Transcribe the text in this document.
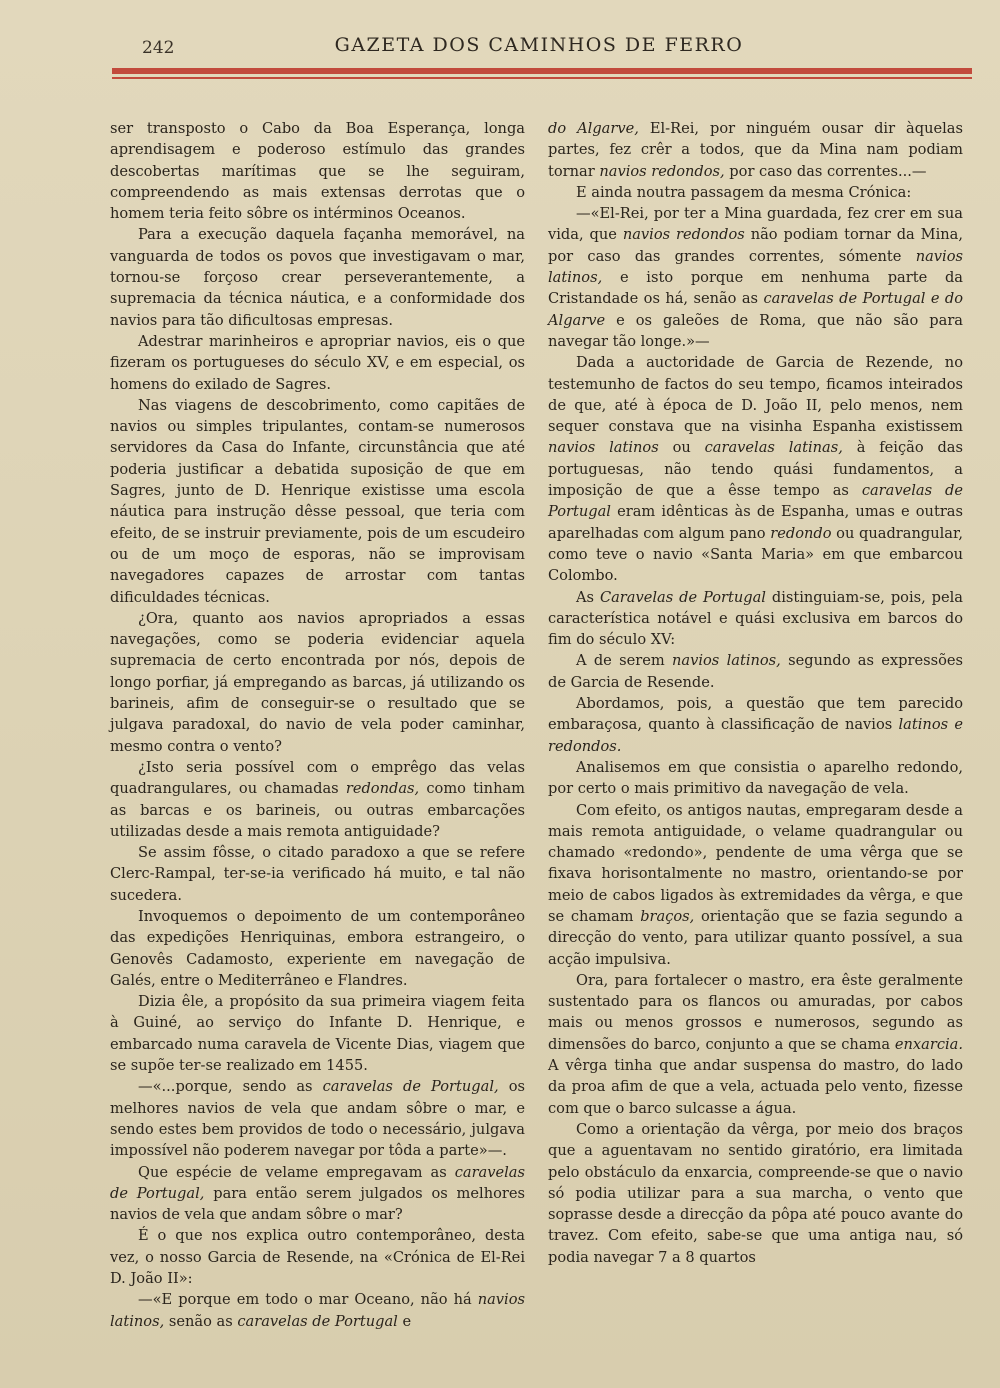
242	GAZETA DOS CAMINHOS DE FERRO

ser transposto o Cabo da Boa Esperança, longa aprendisagem e poderoso estímulo das grandes descobertas marítimas que se lhe seguiram, compreendendo as mais extensas derrotas que o homem teria feito sôbre os intérminos Oceanos.

Para a execução daquela façanha memorável, na vanguarda de todos os povos que investigavam o mar, tornou-se forçoso crear perseverantemente, a supremacia da técnica náutica, e a conformidade dos navios para tão dificultosas empresas.

Adestrar marinheiros e apropriar navios, eis o que fizeram os portugueses do século XV, e em especial, os homens do exilado de Sagres.

Nas viagens de descobrimento, como capitães de navios ou simples tripulantes, contam-se numerosos servidores da Casa do Infante, circunstância que até poderia justificar a debatida suposição de que em Sagres, junto de D. Henrique existisse uma escola náutica para instrução dêsse pessoal, que teria com efeito, de se instruir previamente, pois de um escudeiro ou de um moço de esporas, não se improvisam navegadores capazes de arrostar com tantas dificuldades técnicas.

¿Ora, quanto aos navios apropriados a essas navegações, como se poderia evidenciar aquela supremacia de certo encontrada por nós, depois de longo porfiar, já empregando as barcas, já utilizando os barineis, afim de conseguir-se o resultado que se julgava paradoxal, do navio de vela poder caminhar, mesmo contra o vento?

¿Isto seria possível com o emprêgo das velas quadrangulares, ou chamadas redondas, como tinham as barcas e os barineis, ou outras embarcações utilizadas desde a mais remota antiguidade?

Se assim fôsse, o citado paradoxo a que se refere Clerc-Rampal, ter-se-ia verificado há muito, e tal não sucedera.

Invoquemos o depoimento de um contemporâneo das expedições Henriquinas, embora estrangeiro, o Genovês Cadamosto, experiente em navegação de Galés, entre o Mediterrâneo e Flandres.

Dizia êle, a propósito da sua primeira viagem feita à Guiné, ao serviço do Infante D. Henrique, e embarcado numa caravela de Vicente Dias, viagem que se supõe ter-se realizado em 1455.

—«...porque, sendo as caravelas de Portugal, os melhores navios de vela que andam sôbre o mar, e sendo estes bem providos de todo o necessário, julgava impossível não poderem navegar por tôda a parte»—.

Que espécie de velame empregavam as caravelas de Portugal, para então serem julgados os melhores navios de vela que andam sôbre o mar?

É o que nos explica outro contemporâneo, desta vez, o nosso Garcia de Resende, na «Crónica de El-Rei D. João II»:

—«E porque em todo o mar Oceano, não há navios latinos, senão as caravelas de Portugal e

do Algarve, El-Rei, por ninguém ousar dir àquelas partes, fez crêr a todos, que da Mina nam podiam tornar navios redondos, por caso das correntes...—

E ainda noutra passagem da mesma Crónica:

—«El-Rei, por ter a Mina guardada, fez crer em sua vida, que navios redondos não podiam tornar da Mina, por caso das grandes correntes, sómente navios latinos, e isto porque em nenhuma parte da Cristandade os há, senão as caravelas de Portugal e do Algarve e os galeões de Roma, que não são para navegar tão longe.»—

Dada a auctoridade de Garcia de Rezende, no testemunho de factos do seu tempo, ficamos inteirados de que, até à época de D. João II, pelo menos, nem sequer constava que na visinha Espanha existissem navios latinos ou caravelas latinas, à feição das portuguesas, não tendo quási fundamentos, a imposição de que a êsse tempo as caravelas de Portugal eram idênticas às de Espanha, umas e outras aparelhadas com algum pano redondo ou quadrangular, como teve o navio «Santa Maria» em que embarcou Colombo.

As Caravelas de Portugal distinguiam-se, pois, pela característica notável e quási exclusiva em barcos do fim do século XV:

A de serem navios latinos, segundo as expressões de Garcia de Resende.

Abordamos, pois, a questão que tem parecido embaraçosa, quanto à classificação de navios latinos e redondos.

Analisemos em que consistia o aparelho redondo, por certo o mais primitivo da navegação de vela.

Com efeito, os antigos nautas, empregaram desde a mais remota antiguidade, o velame quadrangular ou chamado «redondo», pendente de uma vêrga que se fixava horisontalmente no mastro, orientando-se por meio de cabos ligados às extremidades da vêrga, e que se chamam braços, orientação que se fazia segundo a direcção do vento, para utilizar quanto possível, a sua acção impulsiva.

Ora, para fortalecer o mastro, era êste geralmente sustentado para os flancos ou amuradas, por cabos mais ou menos grossos e numerosos, segundo as dimensões do barco, conjunto a que se chama enxarcia. A vêrga tinha que andar suspensa do mastro, do lado da proa afim de que a vela, actuada pelo vento, fizesse com que o barco sulcasse a água.

Como a orientação da vêrga, por meio dos braços que a aguentavam no sentido giratório, era limitada pelo obstáculo da enxarcia, compreende-se que o navio só podia utilizar para a sua marcha, o vento que soprasse desde a direcção da pôpa até pouco avante do travez. Com efeito, sabe-se que uma antiga nau, só podia navegar 7 a 8 quartos
